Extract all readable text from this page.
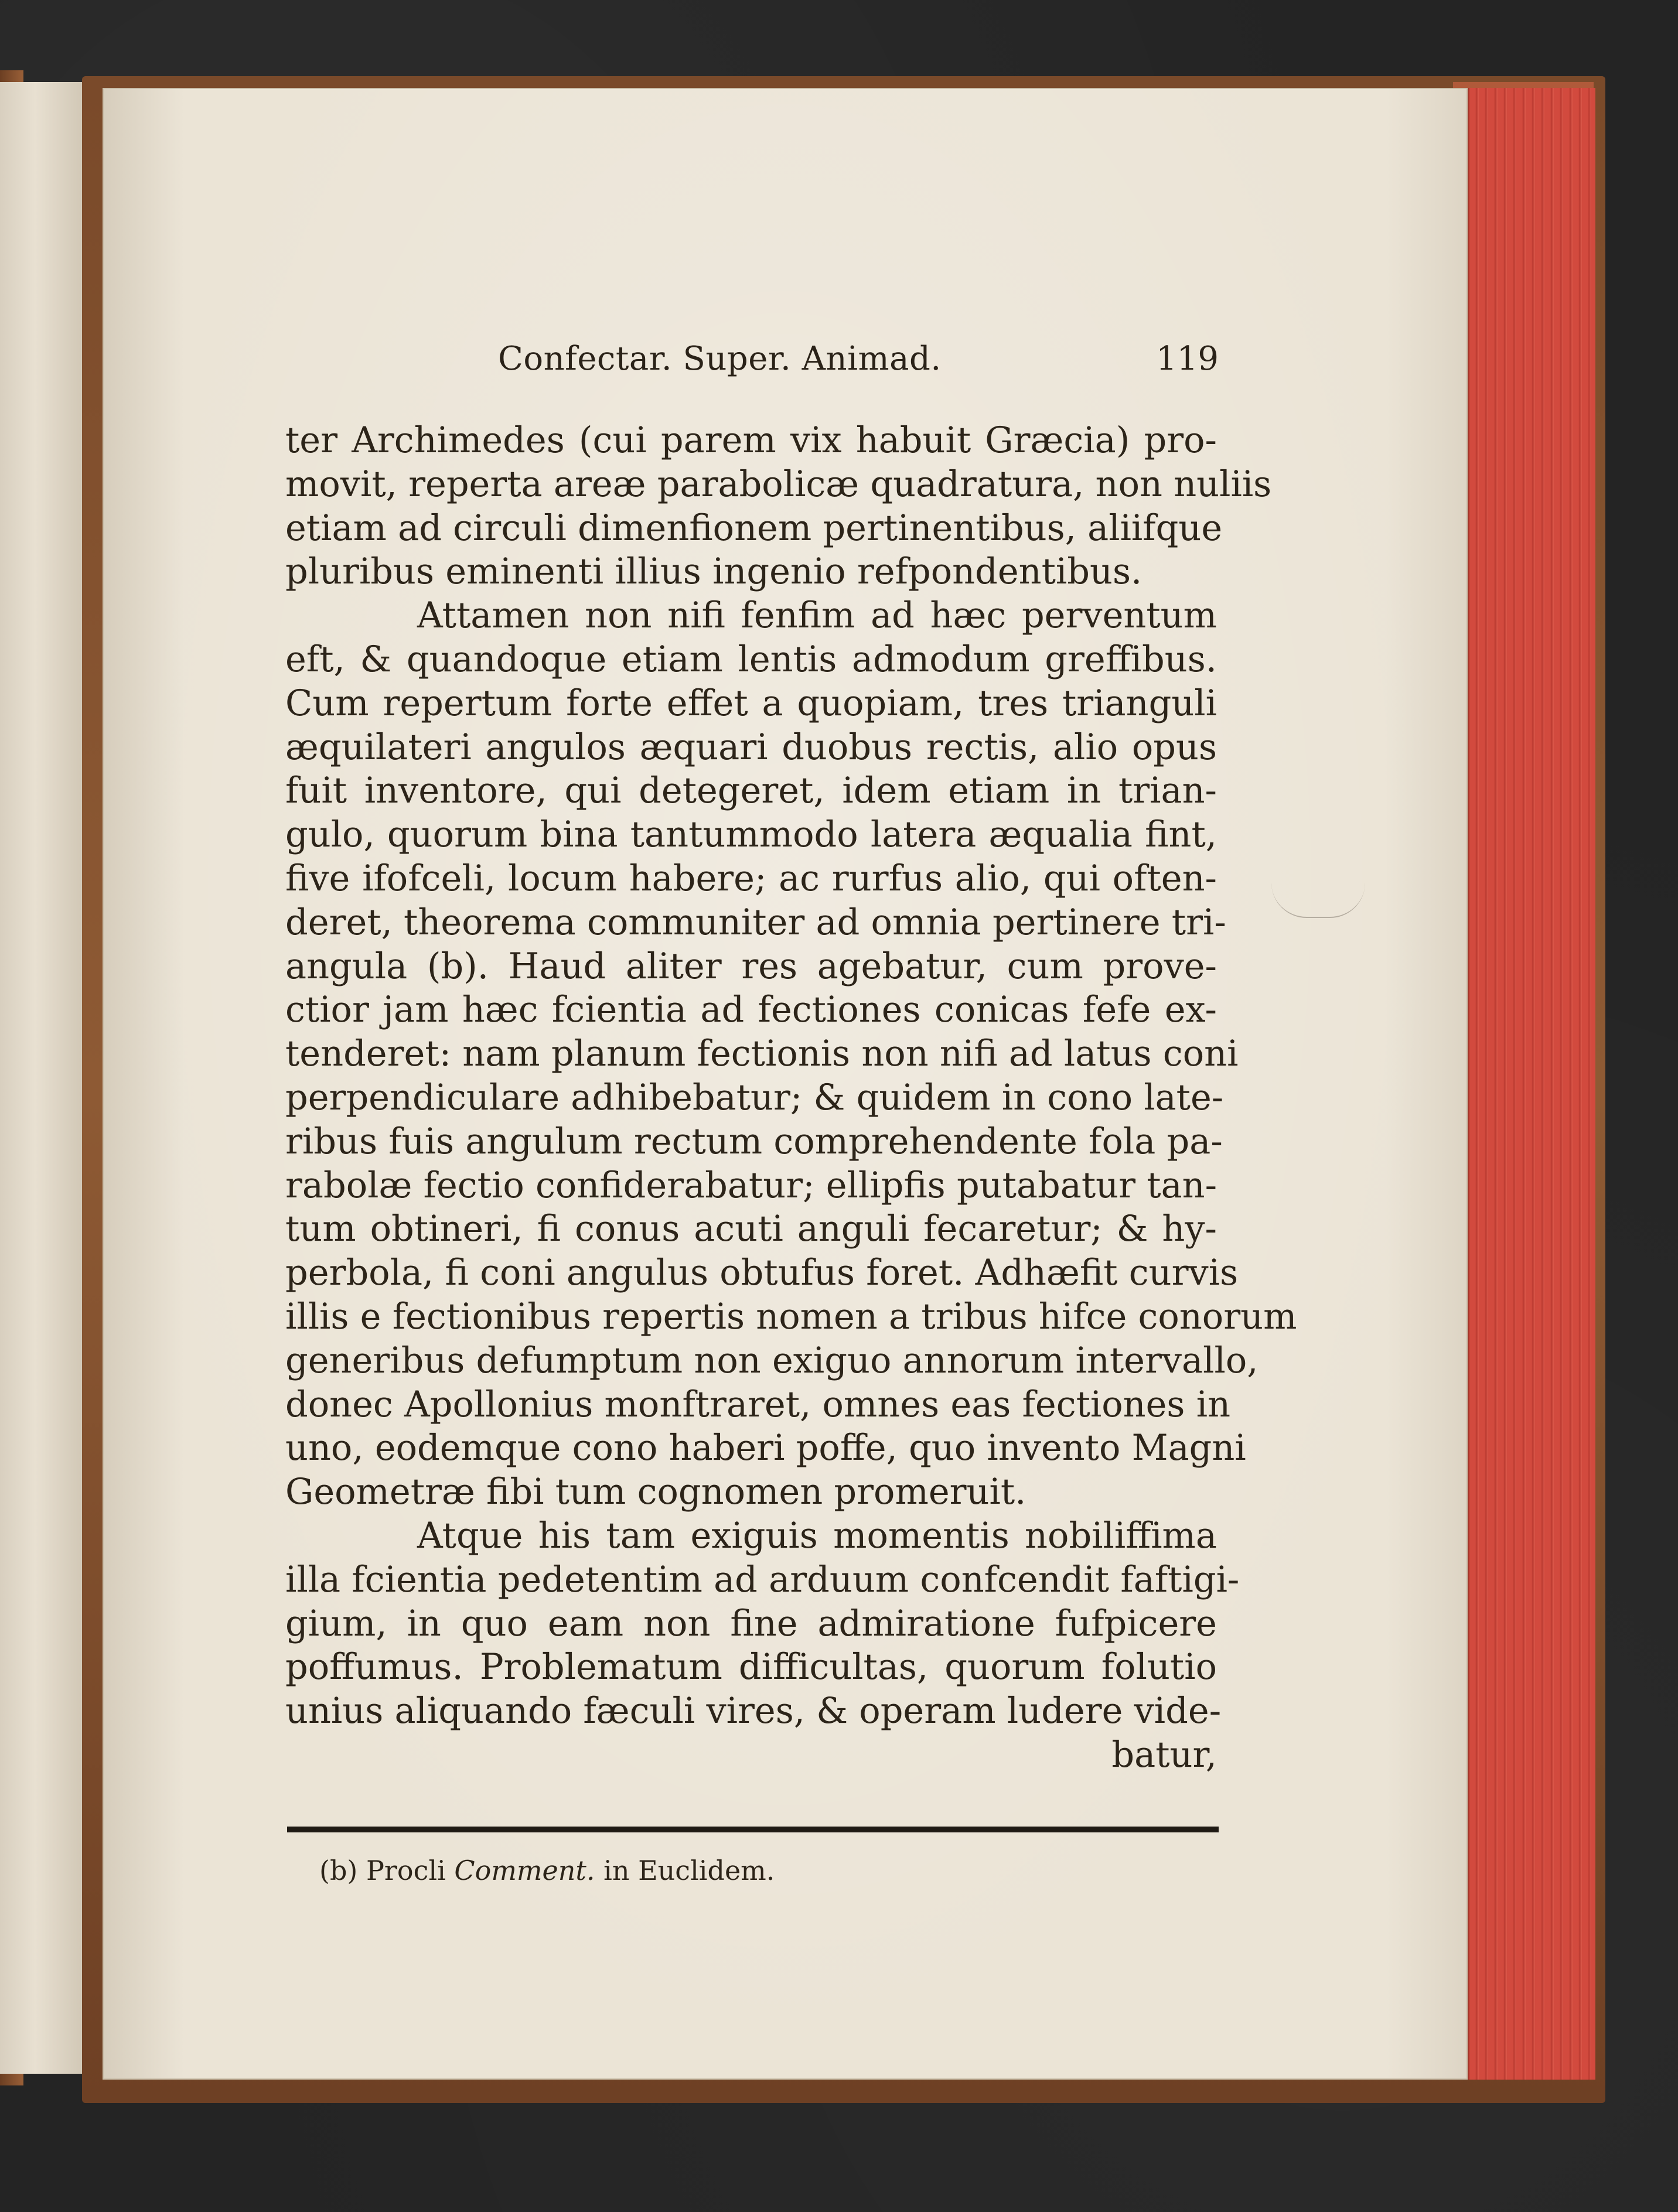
Confectar. Super. Animad.	119
ter Archimedes (cui parem vix habuit Græcia) pro-
movit, reperta areæ parabolicæ quadratura, non nuliis
etiam ad circuli dimenfionem pertinentibus, aliifque
pluribus eminenti illius ingenio refpondentibus.
Attamen non nifi fenfim ad hæc perventum
eft, & quandoque etiam lentis admodum greffibus.
Cum repertum forte effet a quopiam, tres trianguli
æquilateri angulos æquari duobus rectis, alio opus
fuit inventore, qui detegeret, idem etiam in trian-
gulo, quorum bina tantummodo latera æqualia fint,
five ifofceli, locum habere; ac rurfus alio, qui often-
deret, theorema communiter ad omnia pertinere tri-
angula (b). Haud aliter res agebatur, cum prove-
ctior jam hæc fcientia ad fectiones conicas fefe ex-
tenderet: nam planum fectionis non nifi ad latus coni
perpendiculare adhibebatur; & quidem in cono late-
ribus fuis angulum rectum comprehendente fola pa-
rabolæ fectio confiderabatur; ellipfis putabatur tan-
tum obtineri, fi conus acuti anguli fecaretur; & hy-
perbola, fi coni angulus obtufus foret. Adhæfit curvis
illis e fectionibus repertis nomen a tribus hifce conorum
generibus defumptum non exiguo annorum intervallo,
donec Apollonius monftraret, omnes eas fectiones in
uno, eodemque cono haberi poffe, quo invento Magni
Geometræ fibi tum cognomen promeruit.
Atque his tam exiguis momentis nobiliffima
illa fcientia pedetentim ad arduum confcendit faftigi-
gium, in quo eam non fine admiratione fufpicere
poffumus. Problematum difficultas, quorum folutio
unius aliquando fæculi vires, & operam ludere vide-

batur,

(b) Procli Comment. in Euclidem.
